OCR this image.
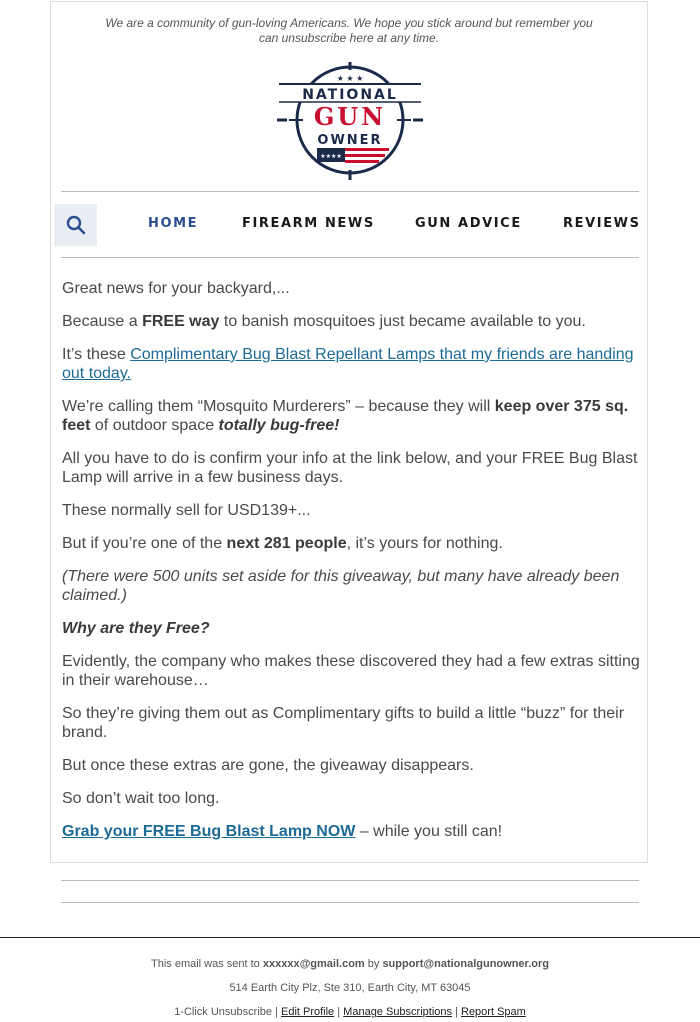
We are a community of gun-loving Americans. We hope you stick around but remember you
can unsubscribe here at any time.
★ ★ ★
NATIONAL
GUN
OWNER
★★★★
HOME	FIREARM NEWS	GUN ADVICE	REVIEWS

Great news for your backyard,...

Because a FREE way to banish mosquitoes just became available to you.

It’s these Complimentary Bug Blast Repellant Lamps that my friends are handing out today.

We’re calling them “Mosquito Murderers” – because they will keep over 375 sq. feet of outdoor space totally bug-free!

All you have to do is confirm your info at the link below, and your FREE Bug Blast Lamp will arrive in a few business days.

These normally sell for USD139+...

But if you’re one of the next 281 people, it’s yours for nothing.

(There were 500 units set aside for this giveaway, but many have already been claimed.)

Why are they Free?

Evidently, the company who makes these discovered they had a few extras sitting in their warehouse…

So they’re giving them out as Complimentary gifts to build a little “buzz” for their brand.

But once these extras are gone, the giveaway disappears.

So don’t wait too long.

Grab your FREE Bug Blast Lamp NOW – while you still can!

This email was sent to xxxxxx@gmail.com by support@nationalgunowner.org

514 Earth City Plz, Ste 310, Earth City, MT 63045

1-Click Unsubscribe | Edit Profile | Manage Subscriptions | Report Spam
